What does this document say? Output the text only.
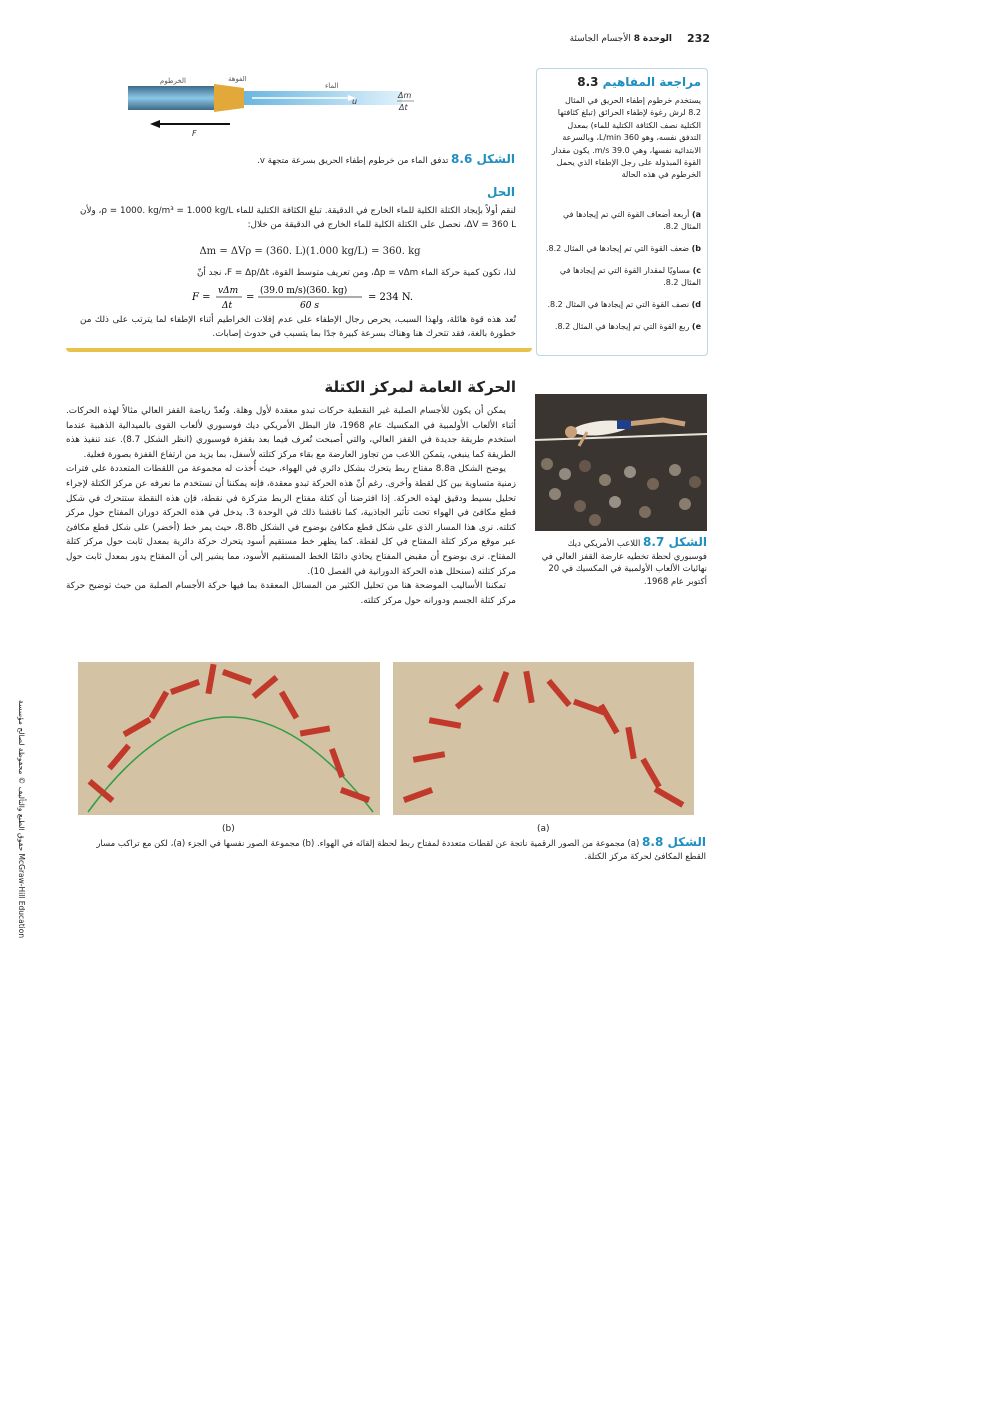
232
الوحدة 8 الأجسام الجاسئة
الخرطوم	الفوهة
الماء
u
Δm
Δt
F
الشكل 8.6 تدفق الماء من خرطوم إطفاء الحريق بسرعة متجهة v.
مراجعة المفاهيم 8.3
يستخدم خرطوم إطفاء الحريق في المثال 8.2 لرش رغوة لإطفاء الحرائق (تبلغ كثافتها الكتلية نصف الكثافة الكتلية للماء) بمعدل التدفق نفسه، وهو 360 L/min، وبالسرعة الابتدائية نفسها، وهي 39.0 m/s. يكون مقدار القوة المبذولة على رجل الإطفاء الذي يحمل الخرطوم في هذه الحالة
a) أربعة أضعاف القوة التي تم إيجادها في المثال 8.2.
b) ضعف القوة التي تم إيجادها في المثال 8.2.
c) مساويًا لمقدار القوة التي تم إيجادها في المثال 8.2.
d) نصف القوة التي تم إيجادها في المثال 8.2.
e) ربع القوة التي تم إيجادها في المثال 8.2.
الحل
لنقم أولاً بإيجاد الكتلة الكلية للماء الخارج في الدقيقة. تبلغ الكثافة الكتلية للماء ρ = 1000. kg/m³ = 1.000 kg/L، ولأن ΔV = 360 L، نحصل على الكتلة الكلية للماء الخارج في الدقيقة من خلال:
Δm = ΔVρ = (360. L)(1.000 kg/L) = 360. kg
لذا، تكون كمية حركة الماء Δp = vΔm، ومن تعريف متوسط القوة، F = Δp/Δt، نجد أنّ
F =
vΔm
Δt
=
(39.0 m/s)(360. kg)
60 s
= 234 N.
تُعد هذه قوة هائلة، ولهذا السبب، يحرص رجال الإطفاء على عدم إفلات الخراطيم أثناء الإطفاء لما يترتب على ذلك من خطورة بالغة، فقد تتحرك هنا وهناك بسرعة كبيرة جدًا بما يتسبب في حدوث إصابات.
الحركة العامة لمركز الكتلة

يمكن أن يكون للأجسام الصلبة غير النقطية حركات تبدو معقدة لأول وهلة. وتُعدّ رياضة القفز العالي مثالاً لهذه الحركات. أثناء الألعاب الأولمبية في المكسيك عام 1968، فاز البطل الأمريكي ديك فوسبوري لألعاب القوى بالميدالية الذهبية عندما استخدم طريقة جديدة في القفز العالي، والتي أصبحت تُعرف فيما بعد بقفزة فوسبوري (انظر الشكل 8.7). عند تنفيذ هذه الطريقة كما ينبغي، يتمكن اللاعب من تجاوز العارضة مع بقاء مركز كتلته لأسفل، بما يزيد من ارتفاع القفزة بصورة فعلية.

يوضح الشكل 8.8a مفتاح ربط يتحرك بشكل دائري في الهواء، حيث أُخذت له مجموعة من اللقطات المتعددة على فترات زمنية متساوية بين كل لقطة وأخرى. رغم أنّ هذه الحركة تبدو معقدة، فإنه يمكننا أن نستخدم ما نعرفه عن مركز الكتلة لإجراء تحليل بسيط ودقيق لهذه الحركة. إذا افترضنا أن كتلة مفتاح الربط متركزة في نقطة، فإن هذه النقطة ستتحرك في شكل قطع مكافئ في الهواء تحت تأثير الجاذبية، كما ناقشنا ذلك في الوحدة 3. يدخل في هذه الحركة دوران المفتاح حول مركز كتلته. نرى هذا المسار الذي على شكل قطع مكافئ بوضوح في الشكل 8.8b، حيث يمر خط (أخضر) على شكل قطع مكافئ عبر موقع مركز كتلة المفتاح في كل لقطة. كما يظهر خط مستقيم أسود يتحرك حركة دائرية بمعدل ثابت حول مركز كتلة المفتاح. نرى بوضوح أن مقبض المفتاح يحاذي دائمًا الخط المستقيم الأسود، مما يشير إلى أن المفتاح يدور بمعدل ثابت حول مركز كتلته (سنحلل هذه الحركة الدورانية في الفصل 10).

تمكننا الأساليب الموضحة هنا من تحليل الكثير من المسائل المعقدة بما فيها حركة الأجسام الصلبة من حيث توضيح حركة مركز كتلة الجسم ودورانه حول مركز كتلته.

الشكل 8.7 اللاعب الأمريكي ديك فوسبوري لحظة تخطيه عارضة القفز العالي في نهائيات الألعاب الأولمبية في المكسيك في 20 أكتوبر عام 1968.
(a)
(b)
الشكل 8.8 (a) مجموعة من الصور الرقمية ناتجة عن لقطات متعددة لمفتاح ربط لحظة إلقائه في الهواء. (b) مجموعة الصور نفسها في الجزء (a)، لكن مع تراكب مسار القطع المكافئ لحركة مركز الكتلة.
حقوق الطبع والتأليف © محفوظة لصالح مؤسسة McGraw-Hill Education
